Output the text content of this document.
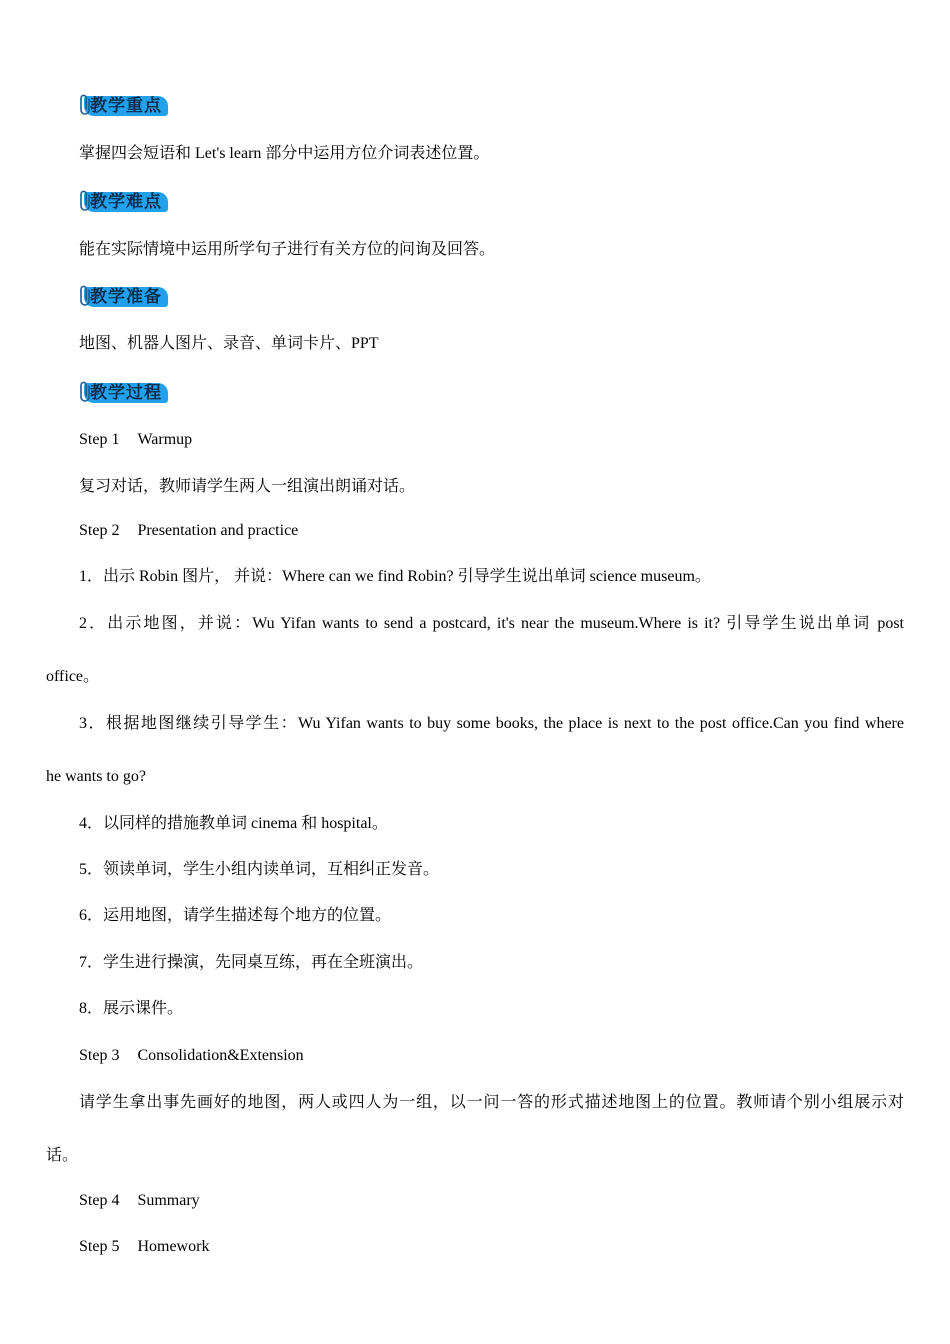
教学重点
掌握四会短语和 Let's learn 部分中运用方位介词表述位置。
教学难点
能在实际情境中运用所学句子进行有关方位的问询及回答。
教学准备
地图、机器人图片、录音、单词卡片、PPT
教学过程
Step 1 Warmup
复习对话，教师请学生两人一组演出朗诵对话。
Step 2 Presentation and practice
1．出示 Robin 图片， 并说：Where can we find Robin? 引导学生说出单词 science museum。
2．出示地图，并说：Wu Yifan wants to send a postcard, it's near the museum.Where is it? 引导学生说出单词 post
office。
3．根据地图继续引导学生：Wu Yifan wants to buy some books, the place is next to the post office.Can you find where
he wants to go?
4．以同样的措施教单词 cinema 和 hospital。
5．领读单词，学生小组内读单词，互相纠正发音。
6．运用地图，请学生描述每个地方的位置。
7．学生进行操演，先同桌互练，再在全班演出。
8．展示课件。
Step 3 Consolidation&Extension
请学生拿出事先画好的地图，两人或四人为一组，以一问一答的形式描述地图上的位置。教师请个别小组展示对
话。
Step 4 Summary
Step 5 Homework
